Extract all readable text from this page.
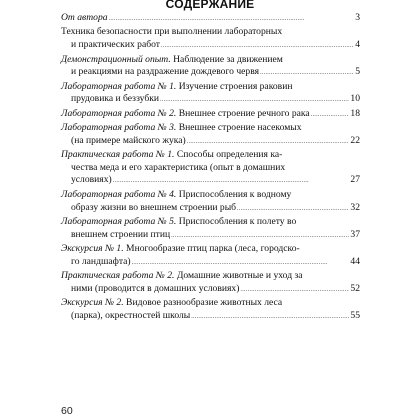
СОДЕРЖАНИЕ
От автора . . .	3
Техника безопасности при выполнении лабораторных
и практических работ . . .	4
Демонстрационный опыт. Наблюдение за движением
и реакциями на раздражение дождевого червя . . .	5
Лабораторная работа № 1. Изучение строения раковин
прудовика и беззубки . . .	10
Лабораторная работа № 2. Внешнее строение речного рака . . .	18
Лабораторная работа № 3. Внешнее строение насекомых
(на примере майского жука) . . .	22
Практическая работа № 1. Способы определения ка-
чества меда и его характеристика (опыт в домашних
условиях) . . .	27
Лабораторная работа № 4. Приспособления к водному
образу жизни во внешнем строении рыб . . .	32
Лабораторная работа № 5. Приспособления к полету во
внешнем строении птиц . . .	37
Экскурсия № 1. Многообразие птиц парка (леса, городско-
го ландшафта) . . .	44
Практическая работа № 2. Домашние животные и уход за
ними (проводится в домашних условиях) . . .	52
Экскурсия № 2. Видовое разнообразие животных леса
(парка), окрестностей школы . . .	55

60
